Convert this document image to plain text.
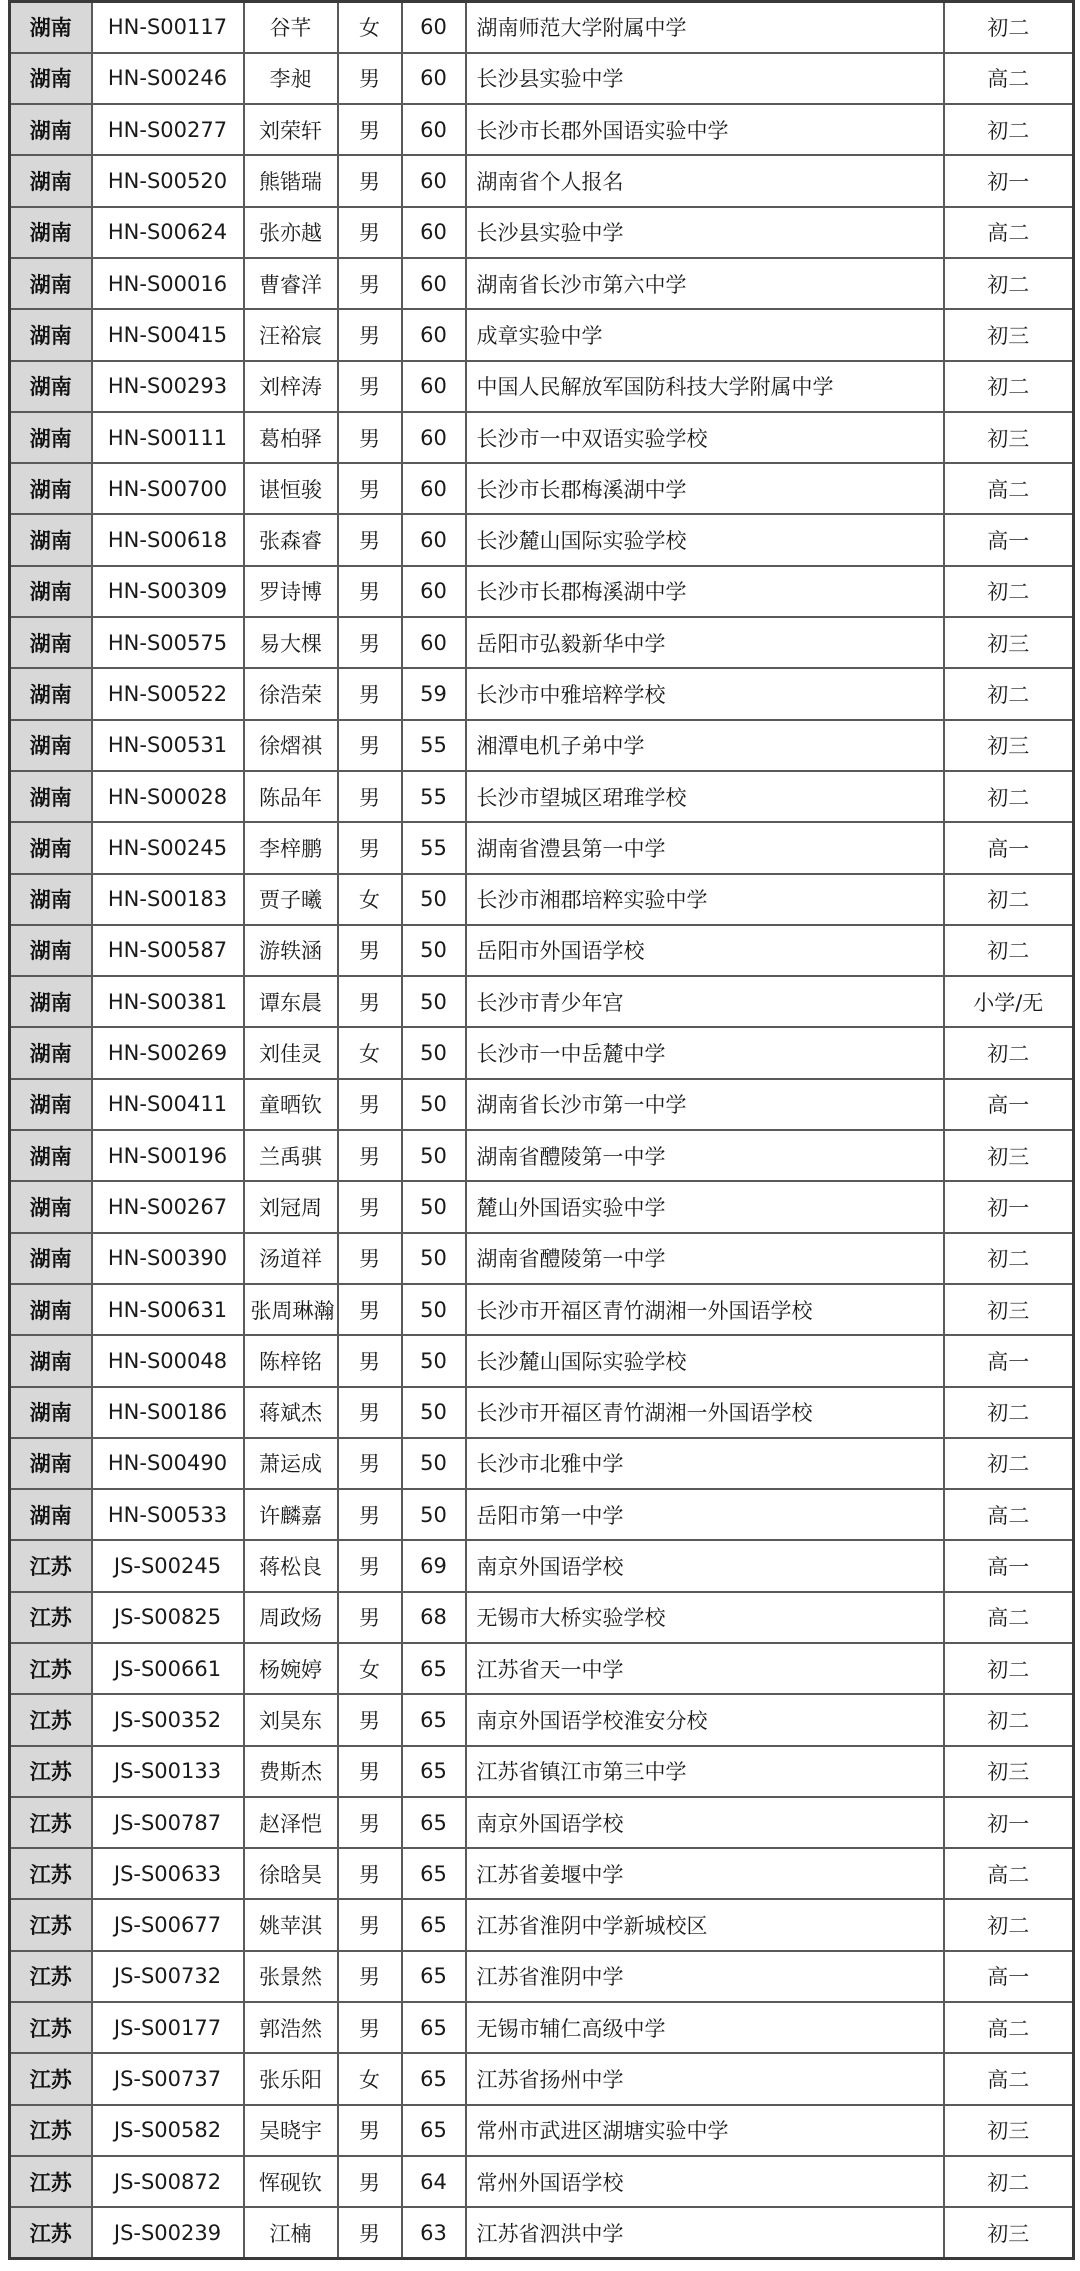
湖南	HN-S00117	谷芊	女	60	湖南师范大学附属中学	初二
湖南	HN-S00246	李昶	男	60	长沙县实验中学	高二
湖南	HN-S00277	刘荣轩	男	60	长沙市长郡外国语实验中学	初二
湖南	HN-S00520	熊锴瑞	男	60	湖南省个人报名	初一
湖南	HN-S00624	张亦越	男	60	长沙县实验中学	高二
湖南	HN-S00016	曹睿洋	男	60	湖南省长沙市第六中学	初二
湖南	HN-S00415	汪裕宸	男	60	成章实验中学	初三
湖南	HN-S00293	刘梓涛	男	60	中国人民解放军国防科技大学附属中学	初二
湖南	HN-S00111	葛柏驿	男	60	长沙市一中双语实验学校	初三
湖南	HN-S00700	谌恒骏	男	60	长沙市长郡梅溪湖中学	高二
湖南	HN-S00618	张森睿	男	60	长沙麓山国际实验学校	高一
湖南	HN-S00309	罗诗博	男	60	长沙市长郡梅溪湖中学	初二
湖南	HN-S00575	易大棵	男	60	岳阳市弘毅新华中学	初三
湖南	HN-S00522	徐浩荣	男	59	长沙市中雅培粹学校	初二
湖南	HN-S00531	徐熠祺	男	55	湘潭电机子弟中学	初三
湖南	HN-S00028	陈品年	男	55	长沙市望城区珺琟学校	初二
湖南	HN-S00245	李梓鹏	男	55	湖南省澧县第一中学	高一
湖南	HN-S00183	贾子曦	女	50	长沙市湘郡培粹实验中学	初二
湖南	HN-S00587	游轶涵	男	50	岳阳市外国语学校	初二
湖南	HN-S00381	谭东晨	男	50	长沙市青少年宫	小学/无
湖南	HN-S00269	刘佳灵	女	50	长沙市一中岳麓中学	初二
湖南	HN-S00411	童晒钦	男	50	湖南省长沙市第一中学	高一
湖南	HN-S00196	兰禹骐	男	50	湖南省醴陵第一中学	初三
湖南	HN-S00267	刘冠周	男	50	麓山外国语实验中学	初一
湖南	HN-S00390	汤道祥	男	50	湖南省醴陵第一中学	初二
湖南	HN-S00631	张周琳瀚	男	50	长沙市开福区青竹湖湘一外国语学校	初三
湖南	HN-S00048	陈梓铭	男	50	长沙麓山国际实验学校	高一
湖南	HN-S00186	蒋斌杰	男	50	长沙市开福区青竹湖湘一外国语学校	初二
湖南	HN-S00490	萧运成	男	50	长沙市北雅中学	初二
湖南	HN-S00533	许麟嘉	男	50	岳阳市第一中学	高二
江苏	JS-S00245	蒋松良	男	69	南京外国语学校	高一
江苏	JS-S00825	周政炀	男	68	无锡市大桥实验学校	高二
江苏	JS-S00661	杨婉婷	女	65	江苏省天一中学	初二
江苏	JS-S00352	刘昊东	男	65	南京外国语学校淮安分校	初二
江苏	JS-S00133	费斯杰	男	65	江苏省镇江市第三中学	初三
江苏	JS-S00787	赵泽恺	男	65	南京外国语学校	初一
江苏	JS-S00633	徐晗昊	男	65	江苏省姜堰中学	高二
江苏	JS-S00677	姚苹淇	男	65	江苏省淮阴中学新城校区	初二
江苏	JS-S00732	张景然	男	65	江苏省淮阴中学	高一
江苏	JS-S00177	郭浩然	男	65	无锡市辅仁高级中学	高二
江苏	JS-S00737	张乐阳	女	65	江苏省扬州中学	高二
江苏	JS-S00582	吴晓宇	男	65	常州市武进区湖塘实验中学	初三
江苏	JS-S00872	恽砚钦	男	64	常州外国语学校	初二
江苏	JS-S00239	江楠	男	63	江苏省泗洪中学	初三
